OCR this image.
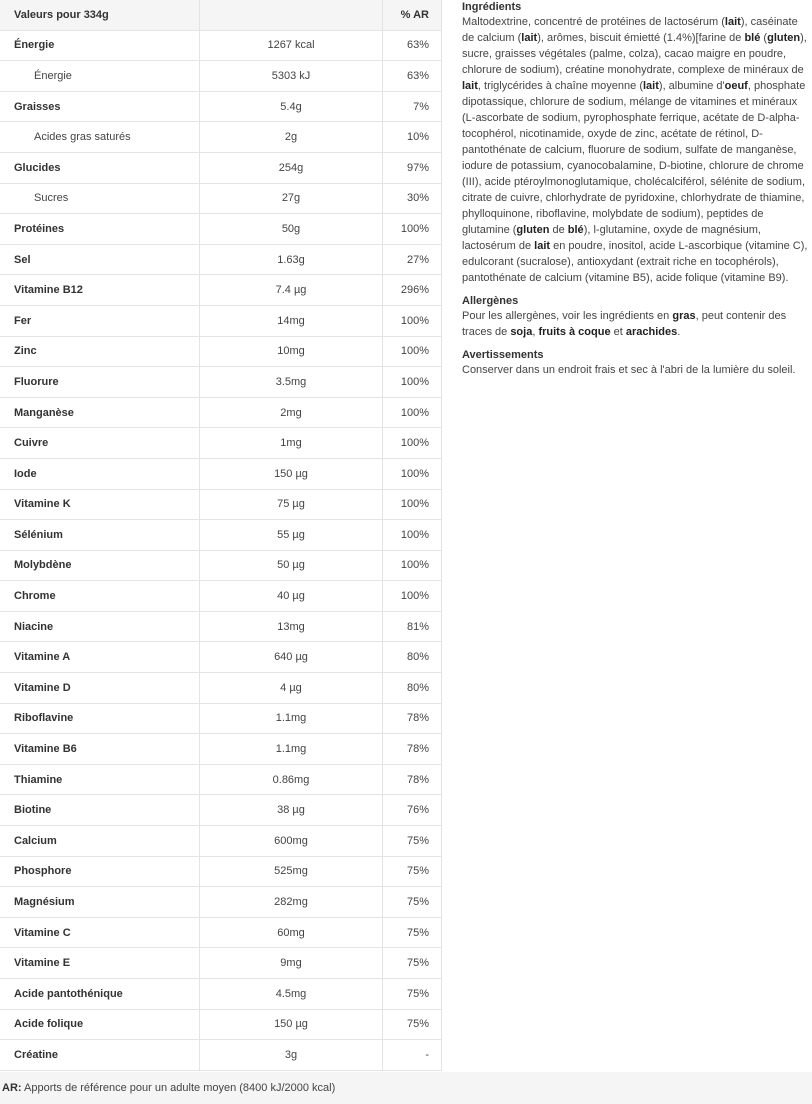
Valeurs pour 334g		% AR
Énergie	1267 kcal	63%
Énergie	5303 kJ	63%
Graisses	5.4g	7%
Acides gras saturés	2g	10%
Glucides	254g	97%
Sucres	27g	30%
Protéines	50g	100%
Sel	1.63g	27%
Vitamine B12	7.4 µg	296%
Fer	14mg	100%
Zinc	10mg	100%
Fluorure	3.5mg	100%
Manganèse	2mg	100%
Cuivre	1mg	100%
Iode	150 µg	100%
Vitamine K	75 µg	100%
Sélénium	55 µg	100%
Molybdène	50 µg	100%
Chrome	40 µg	100%
Niacine	13mg	81%
Vitamine A	640 µg	80%
Vitamine D	4 µg	80%
Riboflavine	1.1mg	78%
Vitamine B6	1.1mg	78%
Thiamine	0.86mg	78%
Biotine	38 µg	76%
Calcium	600mg	75%
Phosphore	525mg	75%
Magnésium	282mg	75%
Vitamine C	60mg	75%
Vitamine E	9mg	75%
Acide pantothénique	4.5mg	75%
Acide folique	150 µg	75%
Créatine	3g	-
Ingrédients

Maltodextrine, concentré de protéines de lactosérum (lait), caséinate de calcium (lait), arômes, biscuit émietté (1.4%)[farine de blé (gluten), sucre, graisses végétales (palme, colza), cacao maigre en poudre, chlorure de sodium), créatine monohydrate, complexe de minéraux de lait, triglycérides à chaîne moyenne (lait), albumine d'oeuf, phosphate dipotassique, chlorure de sodium, mélange de vitamines et minéraux (L-ascorbate de sodium, pyrophosphate ferrique, acétate de D-alpha-tocophérol, nicotinamide, oxyde de zinc, acétate de rétinol, D-pantothénate de calcium, fluorure de sodium, sulfate de manganèse, iodure de potassium, cyanocobalamine, D-biotine, chlorure de chrome (III), acide ptéroylmonoglutamique, cholécalciférol, sélénite de sodium, citrate de cuivre, chlorhydrate de pyridoxine, chlorhydrate de thiamine, phylloquinone, riboflavine, molybdate de sodium), peptides de glutamine (gluten de blé), l-glutamine, oxyde de magnésium, lactosérum de lait en poudre, inositol, acide L-ascorbique (vitamine C), edulcorant (sucralose), antioxydant (extrait riche en tocophérols), pantothénate de calcium (vitamine B5), acide folique (vitamine B9).

Allergènes

Pour les allergènes, voir les ingrédients en gras, peut contenir des traces de soja, fruits à coque et arachides.

Avertissements

Conserver dans un endroit frais et sec à l'abri de la lumière du soleil.

AR: Apports de référence pour un adulte moyen (8400 kJ/2000 kcal)
